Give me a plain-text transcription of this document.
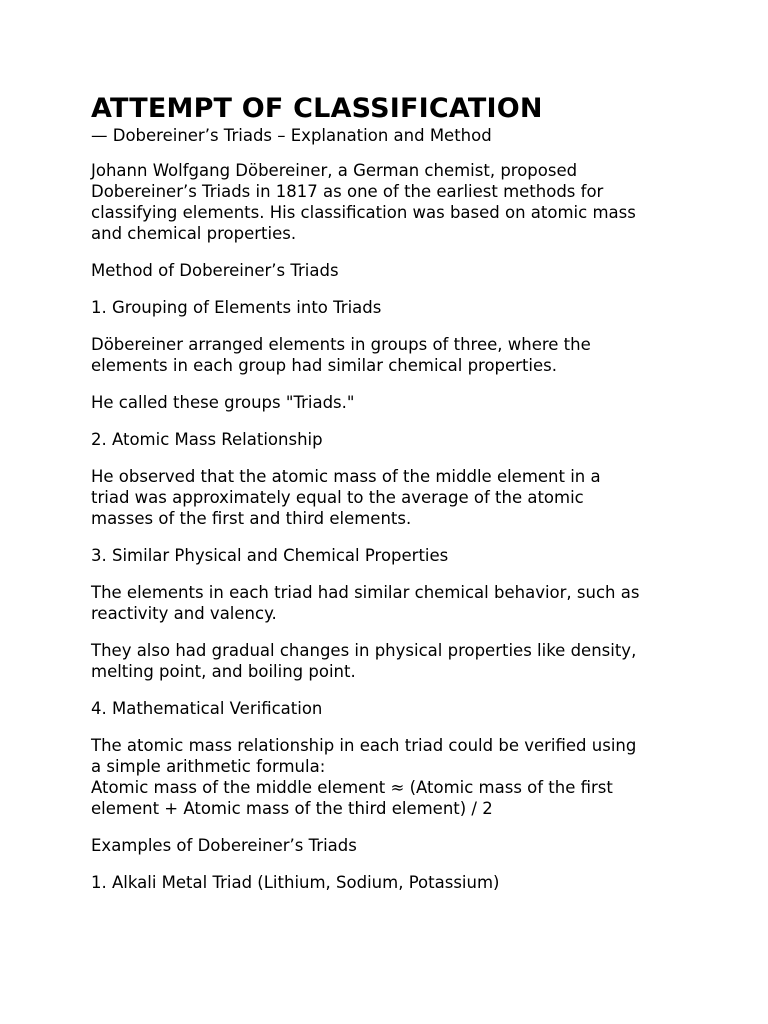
ATTEMPT OF CLASSIFICATION
— Dobereiner’s Triads – Explanation and Method

Johann Wolfgang Döbereiner, a German chemist, proposed
Dobereiner’s Triads in 1817 as one of the earliest methods for
classifying elements. His classification was based on atomic mass
and chemical properties.

Method of Dobereiner’s Triads

1. Grouping of Elements into Triads

Döbereiner arranged elements in groups of three, where the
elements in each group had similar chemical properties.

He called these groups "Triads."

2. Atomic Mass Relationship

He observed that the atomic mass of the middle element in a
triad was approximately equal to the average of the atomic
masses of the first and third elements.

3. Similar Physical and Chemical Properties

The elements in each triad had similar chemical behavior, such as
reactivity and valency.

They also had gradual changes in physical properties like density,
melting point, and boiling point.

4. Mathematical Verification

The atomic mass relationship in each triad could be verified using
a simple arithmetic formula:
Atomic mass of the middle element ≈ (Atomic mass of the first
element + Atomic mass of the third element) / 2

Examples of Dobereiner’s Triads

1. Alkali Metal Triad (Lithium, Sodium, Potassium)
